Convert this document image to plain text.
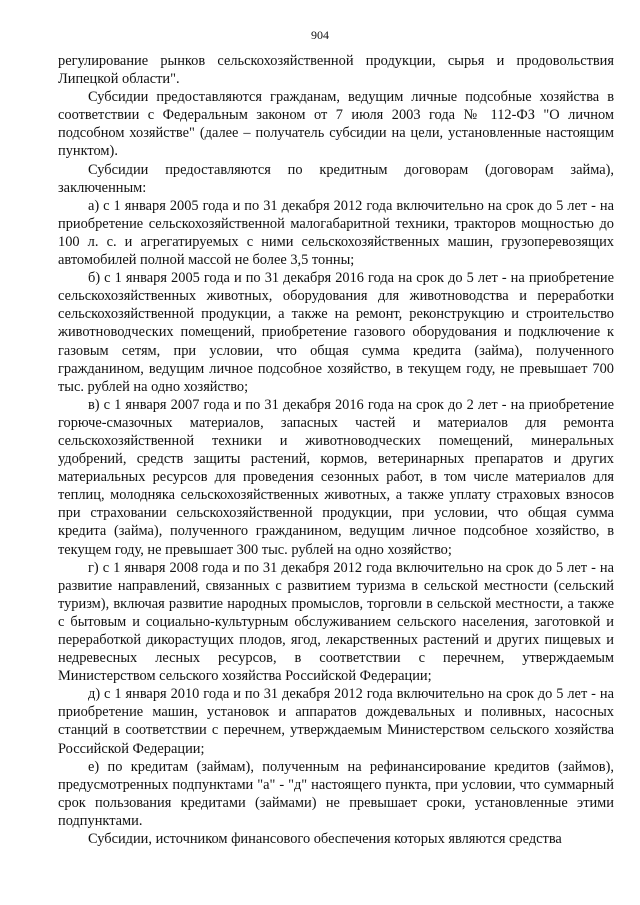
904

регулирование рынков сельскохозяйственной продукции, сырья и продовольствия Липецкой области".

Субсидии предоставляются гражданам, ведущим личные подсобные хозяйства в соответствии с Федеральным законом от 7 июля 2003 года № 112-ФЗ "О личном подсобном хозяйстве" (далее – получатель субсидии на цели, установленные настоящим пунктом).

Субсидии предоставляются по кредитным договорам (договорам займа), заключенным:

а) с 1 января 2005 года и по 31 декабря 2012 года включительно на срок до 5 лет - на приобретение сельскохозяйственной малогабаритной техники, тракторов мощностью до 100 л. с. и агрегатируемых с ними сельскохозяйственных машин, грузоперевозящих автомобилей полной массой не более 3,5 тонны;

б) с 1 января 2005 года и по 31 декабря 2016 года на срок до 5 лет - на приобретение сельскохозяйственных животных, оборудования для животноводства и переработки сельскохозяйственной продукции, а также на ремонт, реконструкцию и строительство животноводческих помещений, приобретение газового оборудования и подключение к газовым сетям, при условии, что общая сумма кредита (займа), полученного гражданином, ведущим личное подсобное хозяйство, в текущем году, не превышает 700 тыс. рублей на одно хозяйство;

в) с 1 января 2007 года и по 31 декабря 2016 года на срок до 2 лет - на приобретение горюче-смазочных материалов, запасных частей и материалов для ремонта сельскохозяйственной техники и животноводческих помещений, минеральных удобрений, средств защиты растений, кормов, ветеринарных препаратов и других материальных ресурсов для проведения сезонных работ, в том числе материалов для теплиц, молодняка сельскохозяйственных животных, а также уплату страховых взносов при страховании сельскохозяйственной продукции, при условии, что общая сумма кредита (займа), полученного гражданином, ведущим личное подсобное хозяйство, в текущем году, не превышает 300 тыс. рублей на одно хозяйство;

г) с 1 января 2008 года и по 31 декабря 2012 года включительно на срок до 5 лет - на развитие направлений, связанных с развитием туризма в сельской местности (сельский туризм), включая развитие народных промыслов, торговли в сельской местности, а также с бытовым и социально-культурным обслуживанием сельского населения, заготовкой и переработкой дикорастущих плодов, ягод, лекарственных растений и других пищевых и недревесных лесных ресурсов, в соответствии с перечнем, утверждаемым Министерством сельского хозяйства Российской Федерации;

д) с 1 января 2010 года и по 31 декабря 2012 года включительно на срок до 5 лет - на приобретение машин, установок и аппаратов дождевальных и поливных, насосных станций в соответствии с перечнем, утверждаемым Министерством сельского хозяйства Российской Федерации;

е) по кредитам (займам), полученным на рефинансирование кредитов (займов), предусмотренных подпунктами "а" - "д" настоящего пункта, при условии, что суммарный срок пользования кредитами (займами) не превышает сроки, установленные этими подпунктами.

Субсидии, источником финансового обеспечения которых являются средства
